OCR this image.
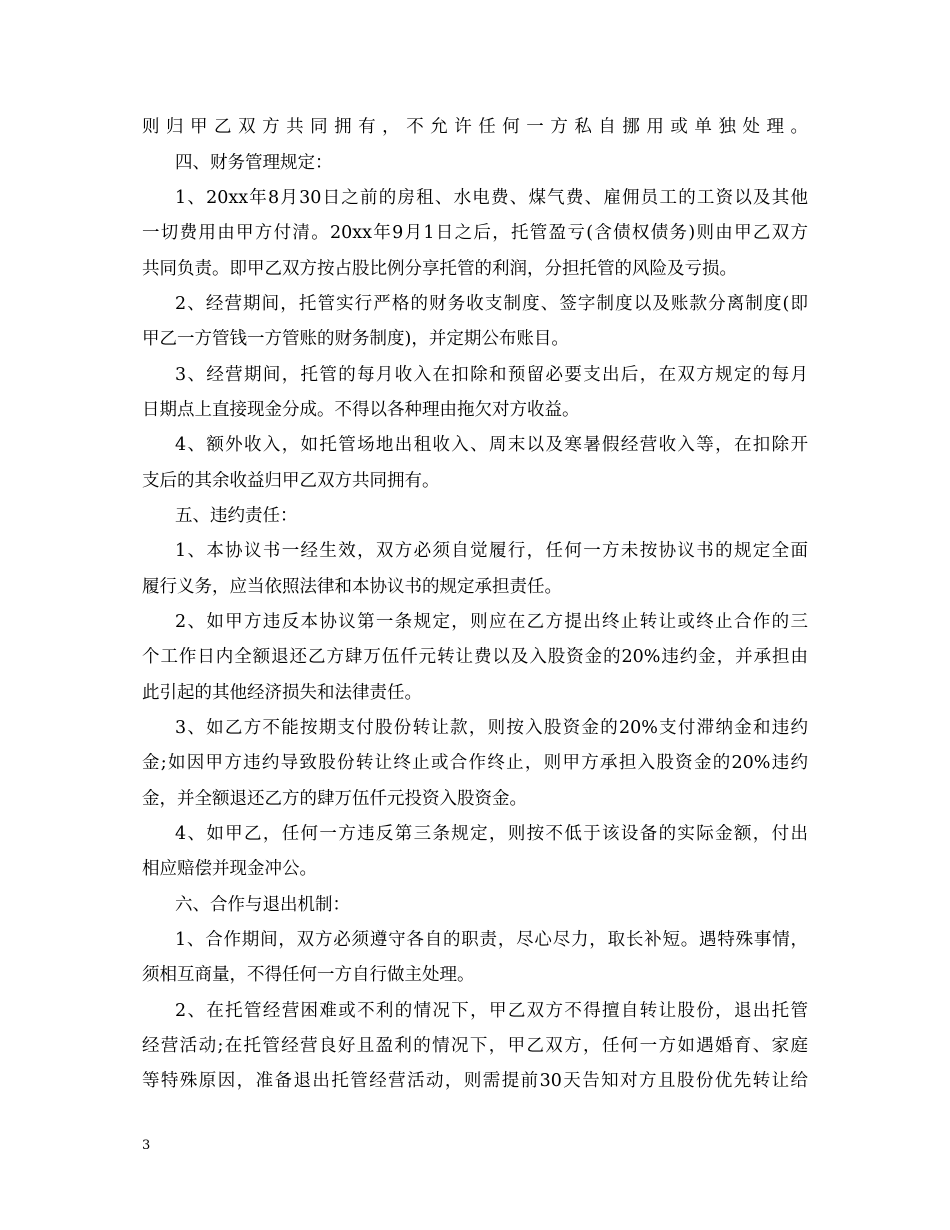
则归甲乙双方共同拥有，不允许任何一方私自挪用或单独处理。
四、财务管理规定：
1、20xx年8月30日之前的房租、水电费、煤气费、雇佣员工的工资以及其他
一切费用由甲方付清。20xx年9月1日之后，托管盈亏(含债权债务)则由甲乙双方
共同负责。即甲乙双方按占股比例分享托管的利润，分担托管的风险及亏损。
2、经营期间，托管实行严格的财务收支制度、签字制度以及账款分离制度(即
甲乙一方管钱一方管账的财务制度)，并定期公布账目。
3、经营期间，托管的每月收入在扣除和预留必要支出后，在双方规定的每月
日期点上直接现金分成。不得以各种理由拖欠对方收益。
4、额外收入，如托管场地出租收入、周末以及寒暑假经营收入等，在扣除开
支后的其余收益归甲乙双方共同拥有。
五、违约责任：
1、本协议书一经生效，双方必须自觉履行，任何一方未按协议书的规定全面
履行义务，应当依照法律和本协议书的规定承担责任。
2、如甲方违反本协议第一条规定，则应在乙方提出终止转让或终止合作的三
个工作日内全额退还乙方肆万伍仟元转让费以及入股资金的20%违约金，并承担由
此引起的其他经济损失和法律责任。
3、如乙方不能按期支付股份转让款，则按入股资金的20%支付滞纳金和违约
金;如因甲方违约导致股份转让终止或合作终止，则甲方承担入股资金的20%违约
金，并全额退还乙方的肆万伍仟元投资入股资金。
4、如甲乙，任何一方违反第三条规定，则按不低于该设备的实际金额，付出
相应赔偿并现金冲公。
六、合作与退出机制：
1、合作期间，双方必须遵守各自的职责，尽心尽力，取长补短。遇特殊事情，
须相互商量，不得任何一方自行做主处理。
2、在托管经营困难或不利的情况下，甲乙双方不得擅自转让股份，退出托管
经营活动;在托管经营良好且盈利的情况下，甲乙双方，任何一方如遇婚育、家庭
等特殊原因，准备退出托管经营活动，则需提前30天告知对方且股份优先转让给
3
